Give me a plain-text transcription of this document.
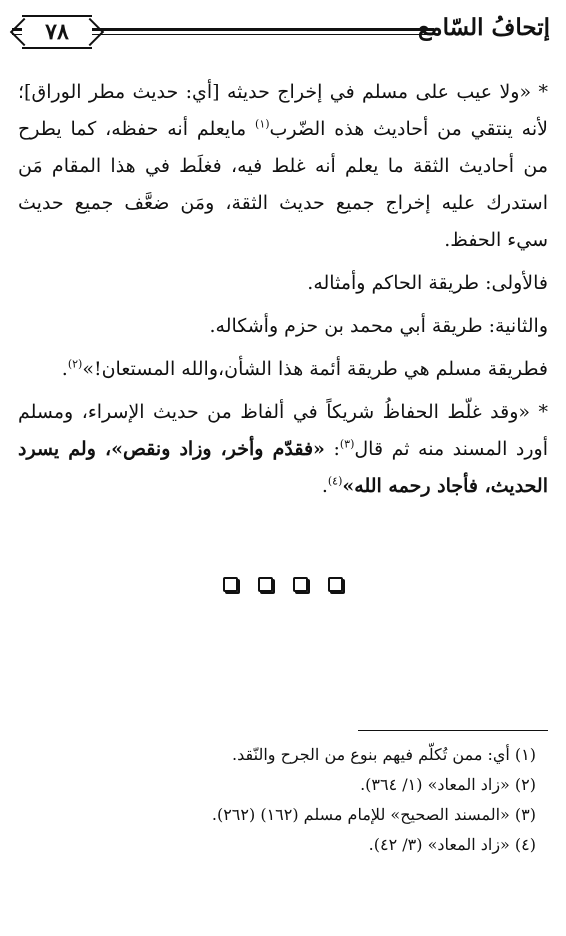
إتحافُ السّامع
٧٨

* «ولا عيب على مسلم في إخراج حديثه [أي: حديث مطر الوراق]؛ لأنه ينتقي من أحاديث هذه الضّرب$^{(١)}$ مايعلم أنه حفظه، كما يطرح من أحاديث الثقة ما يعلم أنه غلط فيه، فغلَط في هذا المقام مَن استدرك عليه إخراج جميع حديث الثقة، ومَن ضعَّف جميع حديث سيء الحفظ.

فالأولى: طريقة الحاكم وأمثاله.

والثانية: طريقة أبي محمد بن حزم وأشكاله.

فطريقة مسلم هي طريقة أئمة هذا الشأن،والله المستعان!»$^{(٢)}$.

* «وقد غلّط الحفاظُ شريكاً في ألفاظ من حديث الإسراء، ومسلم أورد المسند منه ثم قال$^{(٣)}$: «فقدّم وأخر، وزاد ونقص»، ولم يسرد الحديث، فأجاد رحمه الله»$^{(٤)}$.

(١) أي: ممن تُكلّم فيهم بنوع من الجرح والنّقد.
(٢) «زاد المعاد» (١/ ٣٦٤).
(٣) «المسند الصحيح» للإمام مسلم (١٦٢) (٢٦٢).
(٤) «زاد المعاد» (٣/ ٤٢).
